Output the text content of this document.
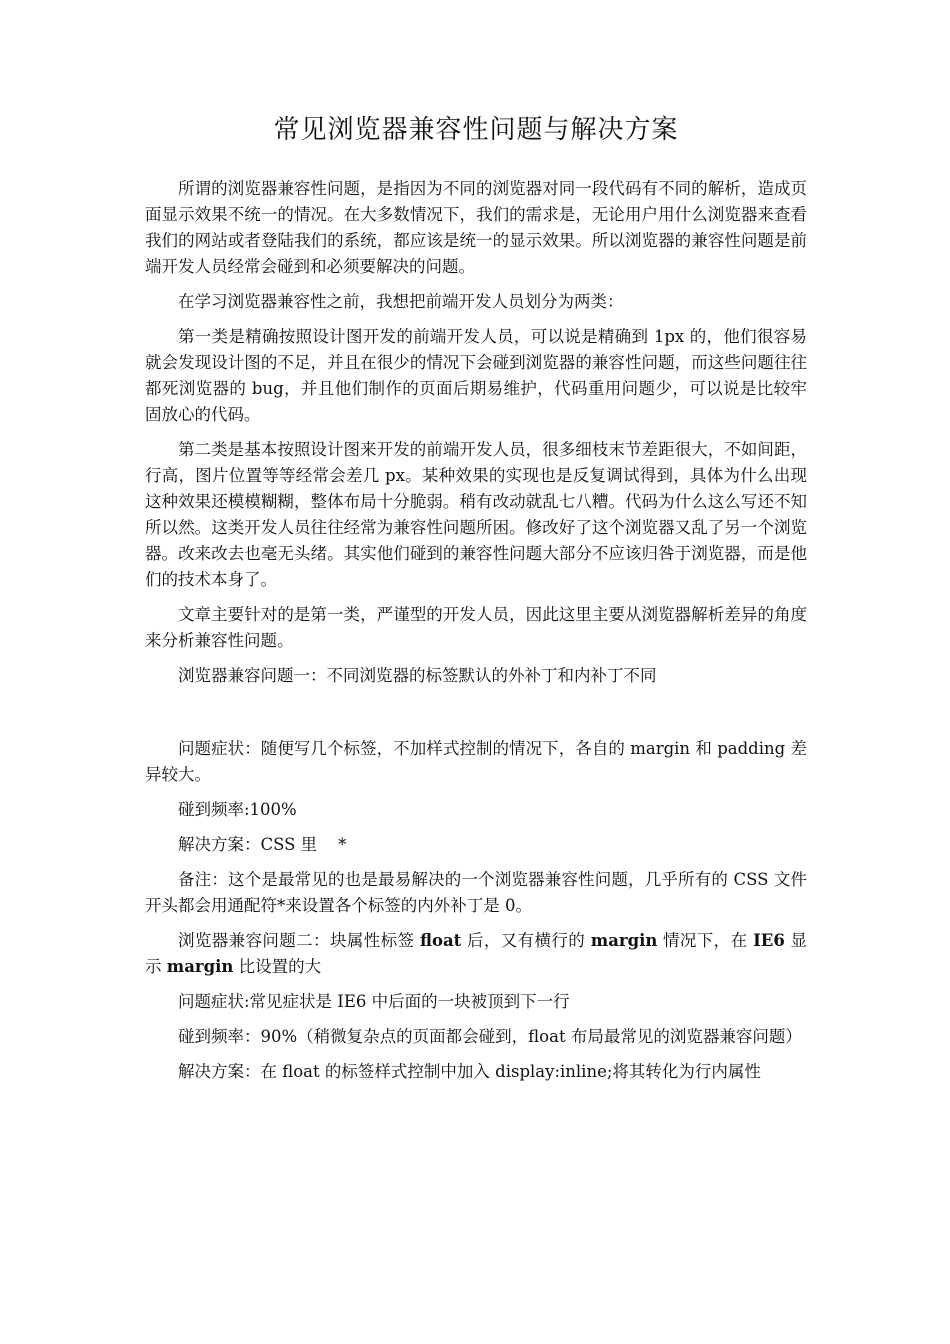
常见浏览器兼容性问题与解决方案

所谓的浏览器兼容性问题，是指因为不同的浏览器对同一段代码有不同的解析，造成页面显示效果不统一的情况。在大多数情况下，我们的需求是，无论用户用什么浏览器来查看我们的网站或者登陆我们的系统，都应该是统一的显示效果。所以浏览器的兼容性问题是前端开发人员经常会碰到和必须要解决的问题。

在学习浏览器兼容性之前，我想把前端开发人员划分为两类：

第一类是精确按照设计图开发的前端开发人员，可以说是精确到 1px 的，他们很容易就会发现设计图的不足，并且在很少的情况下会碰到浏览器的兼容性问题，而这些问题往往都死浏览器的 bug，并且他们制作的页面后期易维护，代码重用问题少，可以说是比较牢固放心的代码。

第二类是基本按照设计图来开发的前端开发人员，很多细枝末节差距很大，不如间距，行高，图片位置等等经常会差几 px。某种效果的实现也是反复调试得到，具体为什么出现这种效果还模模糊糊，整体布局十分脆弱。稍有改动就乱七八糟。代码为什么这么写还不知所以然。这类开发人员往往经常为兼容性问题所困。修改好了这个浏览器又乱了另一个浏览器。改来改去也毫无头绪。其实他们碰到的兼容性问题大部分不应该归咎于浏览器，而是他们的技术本身了。

文章主要针对的是第一类，严谨型的开发人员，因此这里主要从浏览器解析差异的角度来分析兼容性问题。

浏览器兼容问题一：不同浏览器的标签默认的外补丁和内补丁不同

问题症状：随便写几个标签，不加样式控制的情况下，各自的 margin 和 padding 差异较大。

碰到频率:100%

解决方案：CSS 里    *

备注：这个是最常见的也是最易解决的一个浏览器兼容性问题，几乎所有的 CSS 文件开头都会用通配符*来设置各个标签的内外补丁是 0。

浏览器兼容问题二：块属性标签 float 后，又有横行的 margin 情况下，在 IE6 显示 margin 比设置的大

问题症状:常见症状是 IE6 中后面的一块被顶到下一行

碰到频率：90%（稍微复杂点的页面都会碰到，float 布局最常见的浏览器兼容问题）

解决方案：在 float 的标签样式控制中加入 display:inline;将其转化为行内属性
